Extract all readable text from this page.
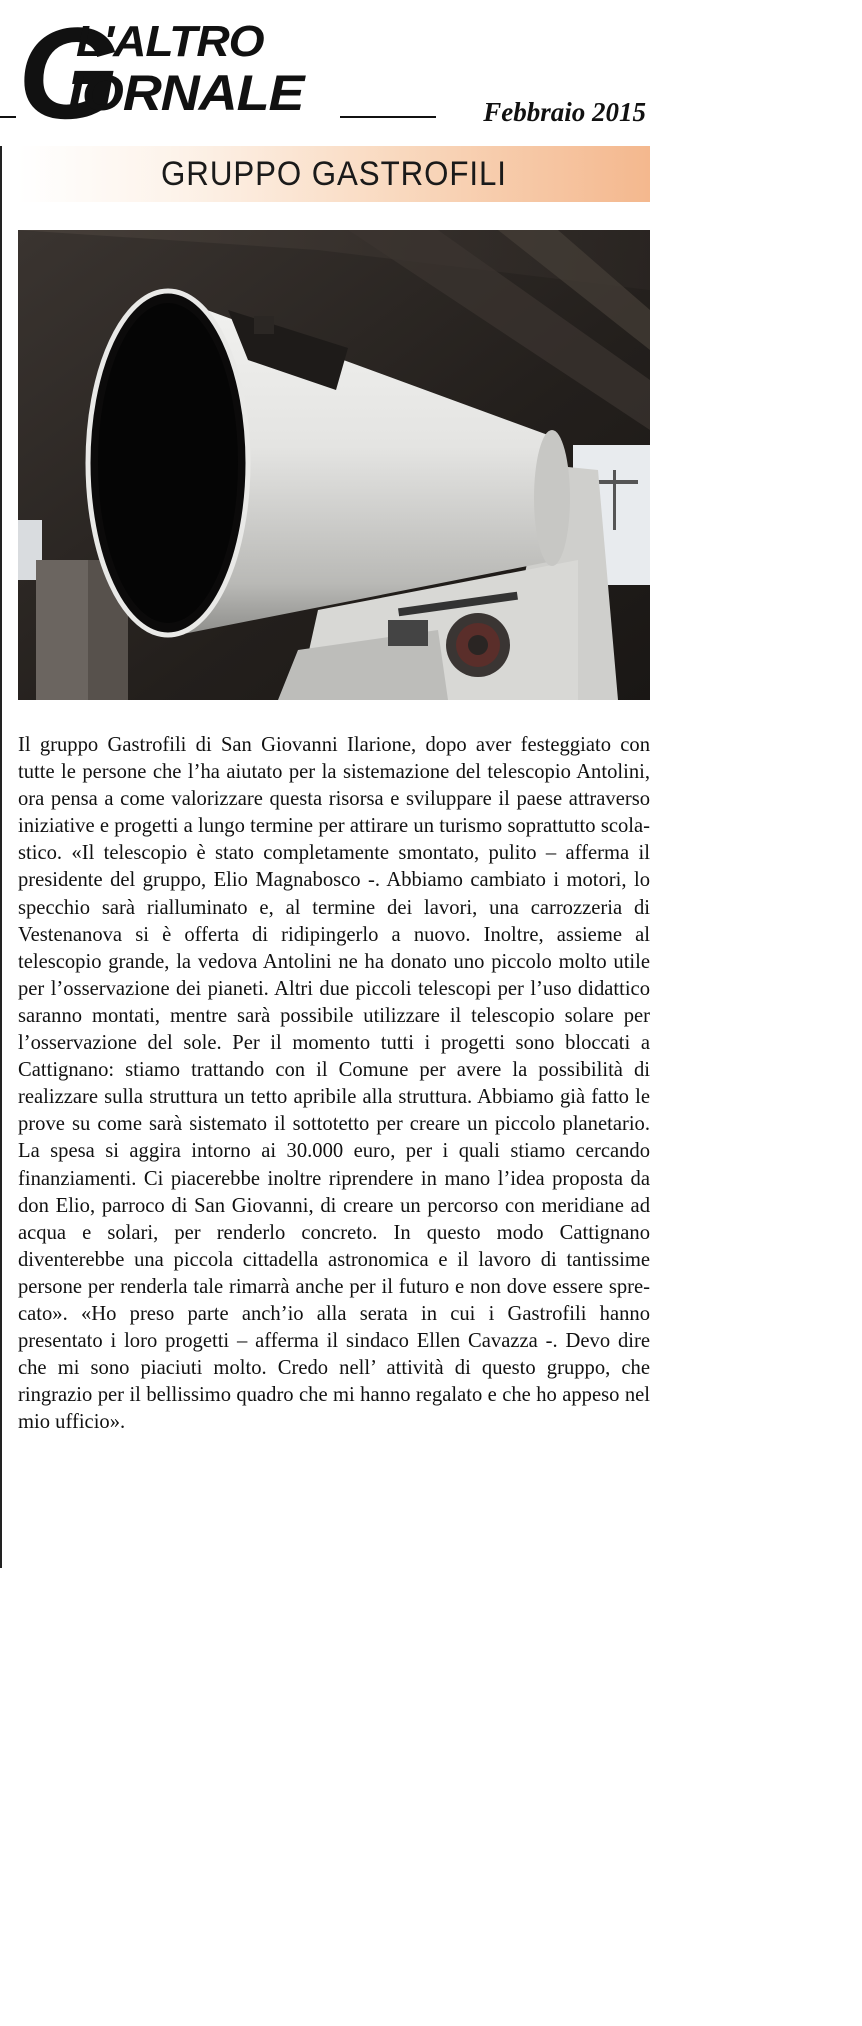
G
L'ALTRO
IORNALE	Febbraio 2015
GRUPPO GASTROFILI
Il gruppo Gastrofili di San Giovanni Ilarione, dopo aver festeggiato con tutte le persone che l’ha aiutato per la sistemazione del telescopio Antolini, ora pensa a come valorizzare questa risorsa e sviluppare il paese attraverso iniziative e progetti a lungo termine per attirare un turismo soprattutto scolastico. «Il telescopio è stato completamente smontato, pulito – afferma il presidente del gruppo, Elio Magnabosco -. Abbiamo cambiato i motori, lo specchio sarà rialluminato e, al termine dei lavori, una carrozzeria di Vestenanova si è offerta di ridipingerlo a nuovo. Inoltre, assieme al telescopio grande, la vedova Antolini ne ha donato uno piccolo molto utile per l’osservazione dei pianeti. Altri due piccoli telescopi per l’uso didattico saranno montati, mentre sarà possibile utilizzare il telescopio solare per l’osservazione del sole. Per il momento tutti i progetti sono bloccati a Cattignano: stiamo trattando con il Comune per avere la possibilità di realizzare sulla struttura un tetto apribile alla struttura. Abbiamo già fatto le prove su come sarà sistemato il sottotetto per creare un piccolo planetario. La spesa si aggira intorno ai 30.000 euro, per i quali stiamo cercando finanziamenti. Ci piacerebbe inoltre riprendere in mano l’idea proposta da don Elio, parroco di San Giovanni, di creare un percorso con meridiane ad acqua e solari, per renderlo concreto. In questo modo Cattignano diventerebbe una piccola cittadella astronomica e il lavoro di tantissime persone per renderla tale rimarrà anche per il futuro e non dove essere sprecato». «Ho preso parte anch’io alla serata in cui i Gastrofili hanno presentato i loro progetti – afferma il sindaco Ellen Cavazza -. Devo dire che mi sono piaciuti molto. Credo nell’ attività di questo gruppo, che ringrazio per il bellissimo quadro che mi hanno regalato e che ho appeso nel mio ufficio».
